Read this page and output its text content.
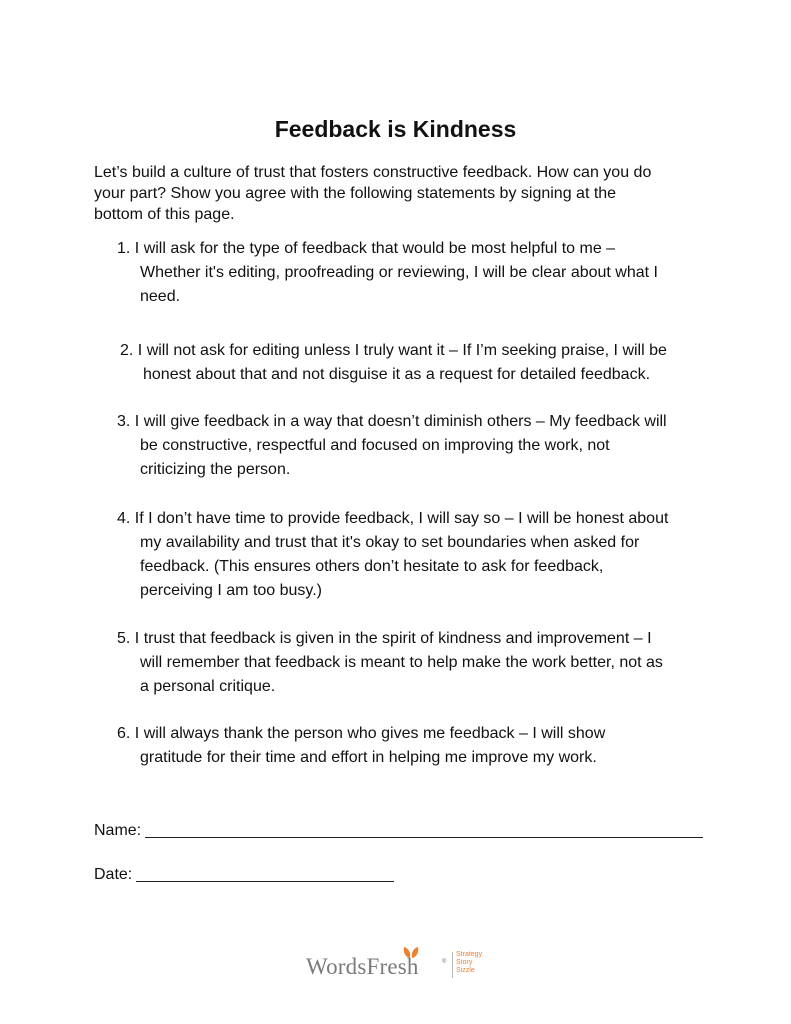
Feedback is Kindness
Let’s build a culture of trust that fosters constructive feedback. How can you do
your part? Show you agree with the following statements by signing at the
bottom of this page.
1. I will ask for the type of feedback that would be most helpful to me –
Whether it's editing, proofreading or reviewing, I will be clear about what I
need.
2. I will not ask for editing unless I truly want it – If I’m seeking praise, I will be
honest about that and not disguise it as a request for detailed feedback.
3. I will give feedback in a way that doesn’t diminish others – My feedback will
be constructive, respectful and focused on improving the work, not
criticizing the person.
4. If I don’t have time to provide feedback, I will say so – I will be honest about
my availability and trust that it's okay to set boundaries when asked for
feedback. (This ensures others don’t hesitate to ask for feedback,
perceiving I am too busy.)
5. I trust that feedback is given in the spirit of kindness and improvement – I
will remember that feedback is meant to help make the work better, not as
a personal critique.
6. I will always thank the person who gives me feedback – I will show
gratitude for their time and effort in helping me improve my work.
Name:
Date:
WordsFresh	®
Strategy
Story
Sizzle
